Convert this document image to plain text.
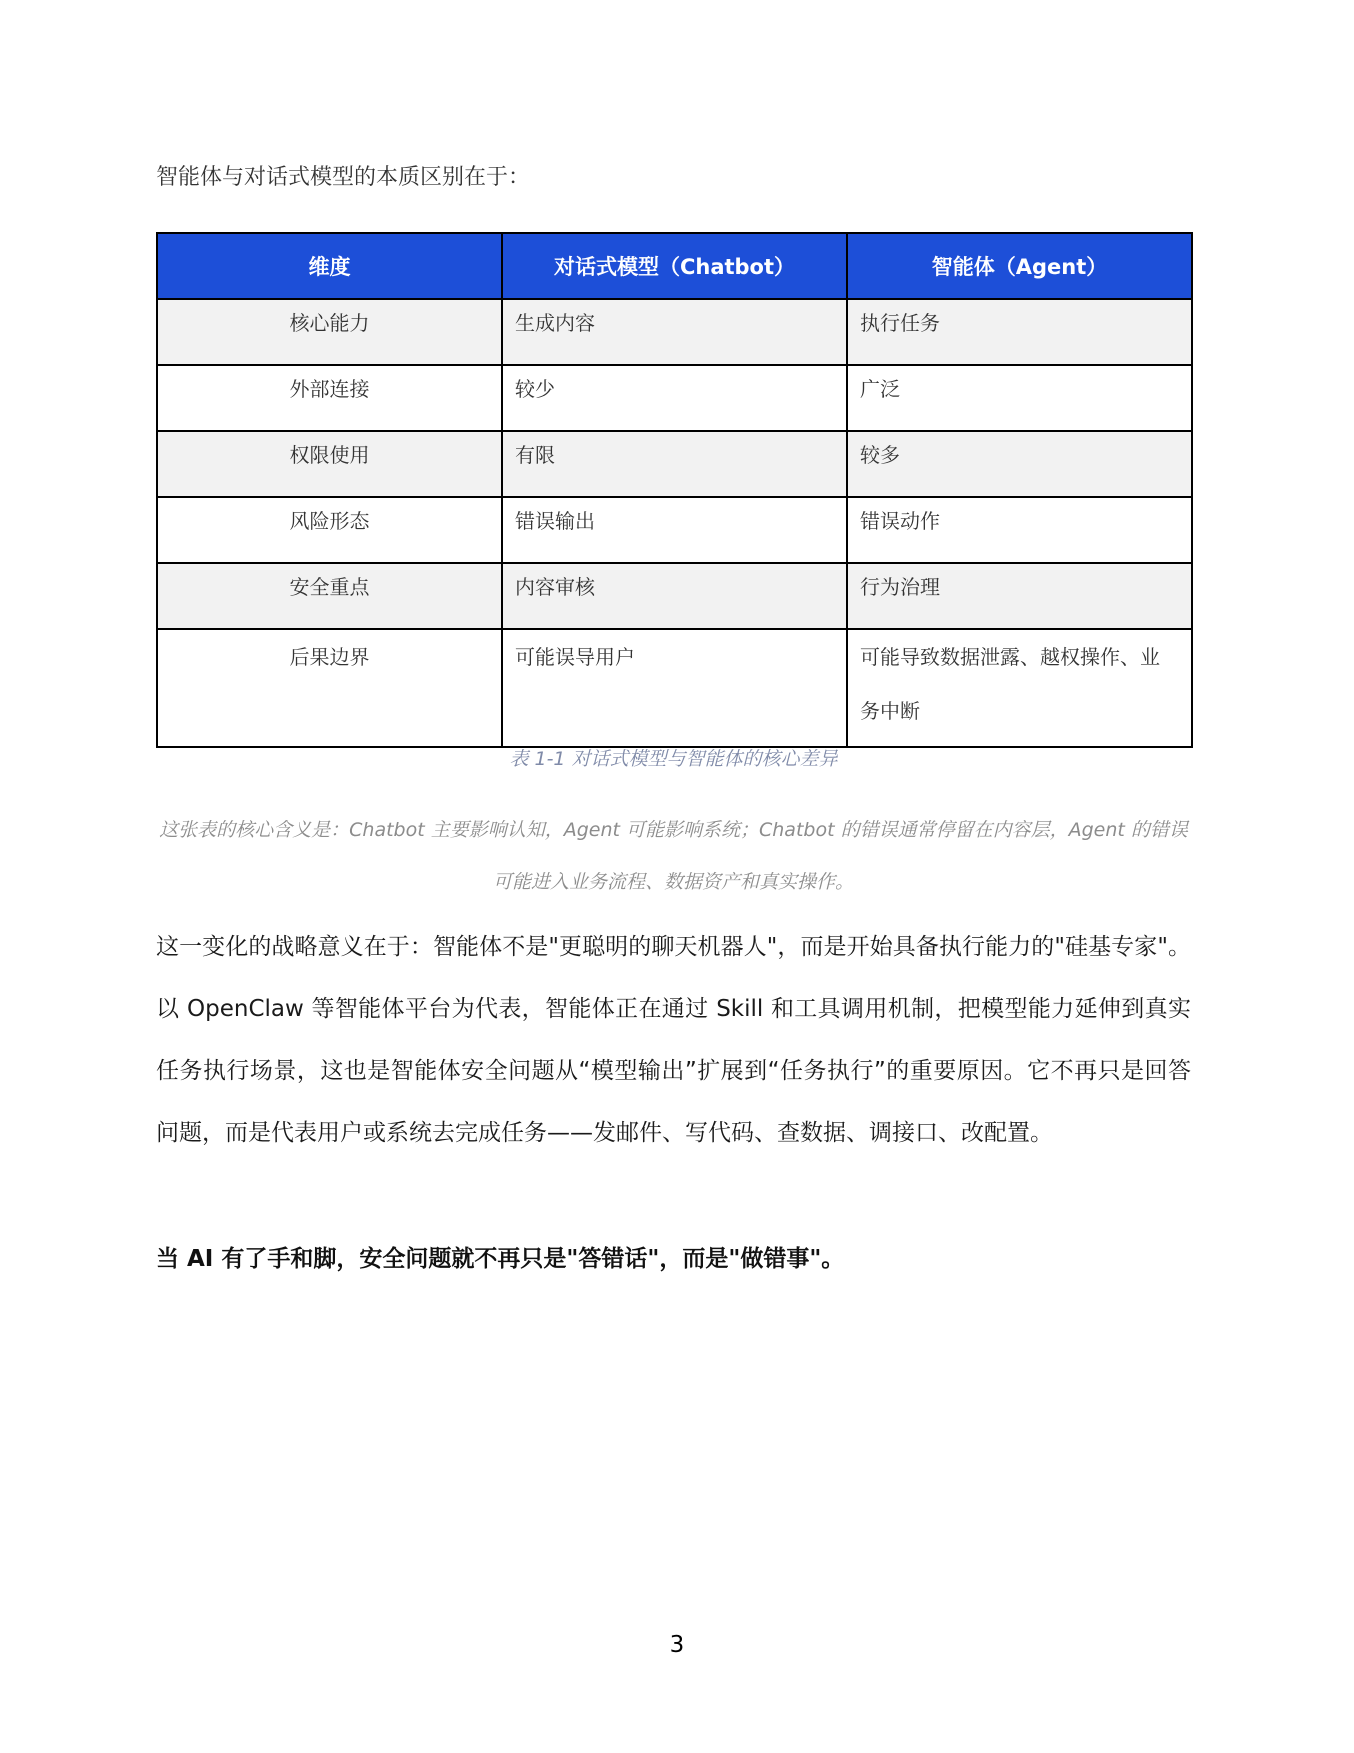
智能体与对话式模型的本质区别在于：

维度	对话式模型（Chatbot）	智能体（Agent）
核心能力	生成内容	执行任务
外部连接	较少	广泛
权限使用	有限	较多
风险形态	错误输出	错误动作
安全重点	内容审核	行为治理
后果边界	可能误导用户	可能导致数据泄露、越权操作、业务中断

表 1-1 对话式模型与智能体的核心差异

这张表的核心含义是：Chatbot 主要影响认知，Agent 可能影响系统；Chatbot 的错误通常停留在内容层，Agent 的错误可能进入业务流程、数据资产和真实操作。

这一变化的战略意义在于：智能体不是"更聪明的聊天机器人"，而是开始具备执行能力的"硅基专家"。以 OpenClaw 等智能体平台为代表，智能体正在通过 Skill 和工具调用机制，把模型能力延伸到真实任务执行场景，这也是智能体安全问题从“模型输出”扩展到“任务执行”的重要原因。它不再只是回答问题，而是代表用户或系统去完成任务——发邮件、写代码、查数据、调接口、改配置。

当 AI 有了手和脚，安全问题就不再只是"答错话"，而是"做错事"。

3
